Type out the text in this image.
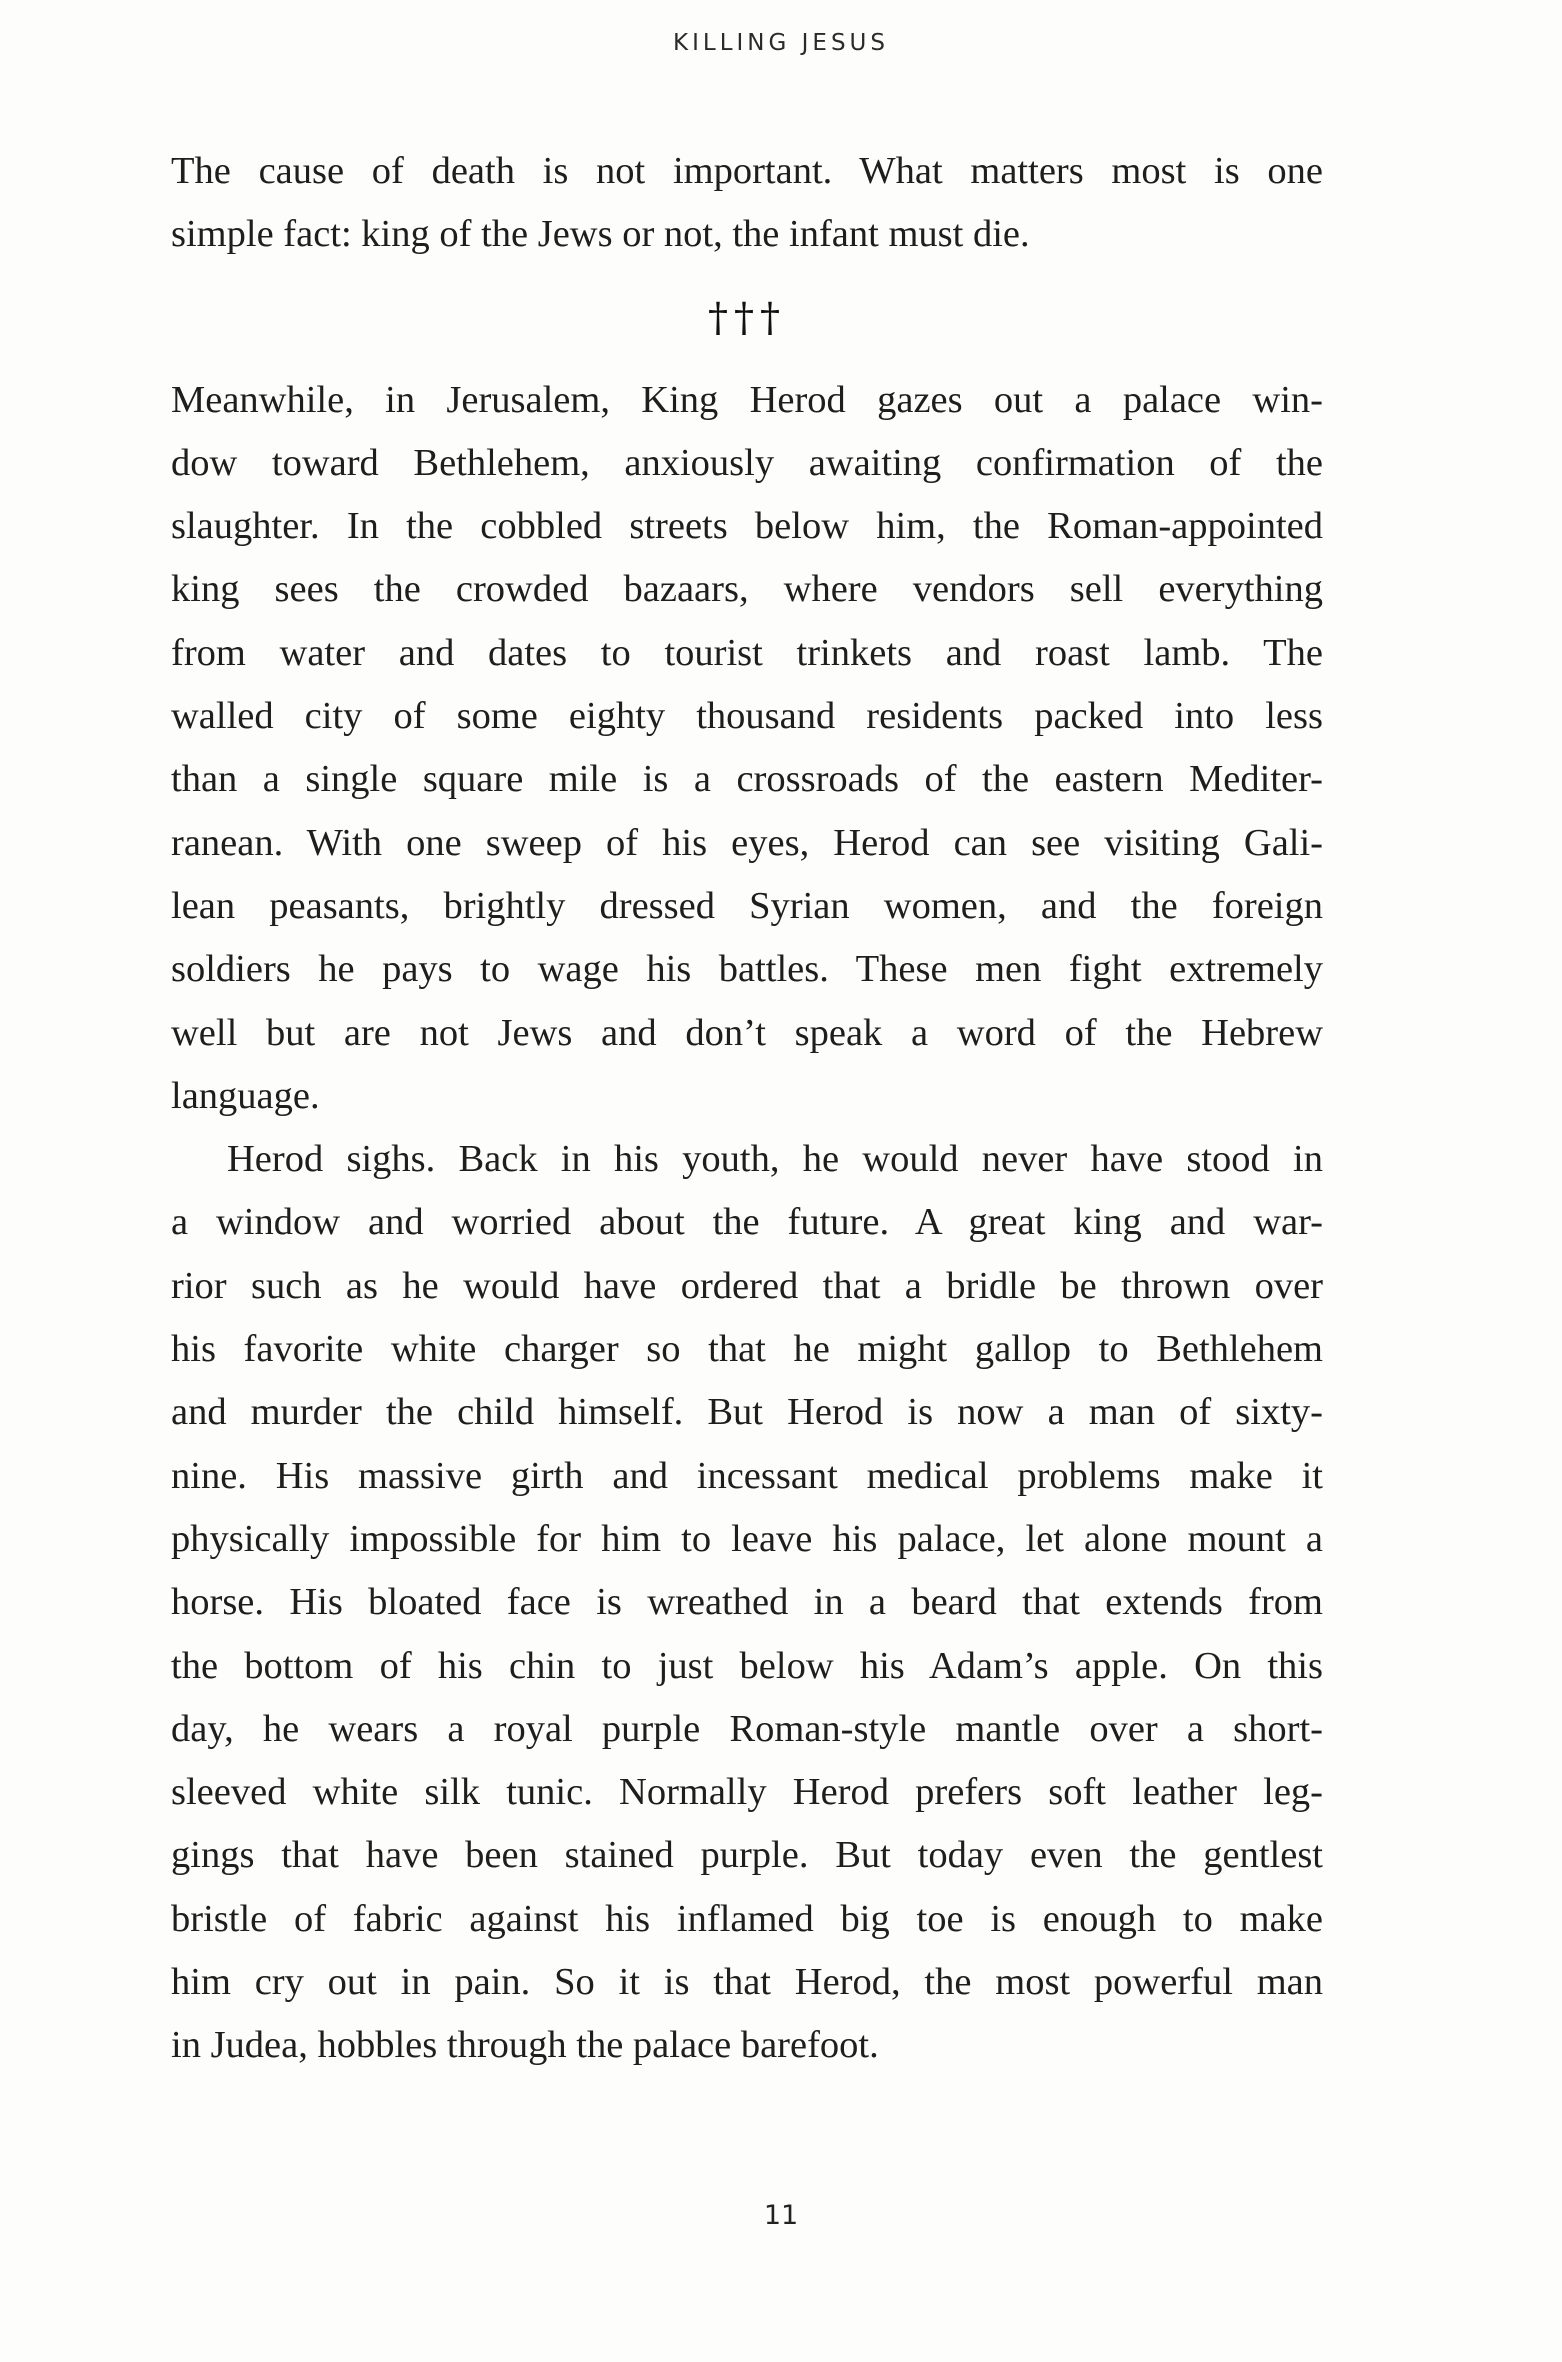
KILLING JESUS
The cause of death is not important. What matters most is one
simple fact: king of the Jews or not, the infant must die.
†††
Meanwhile, in Jerusalem, King Herod gazes out a palace win-
dow toward Bethlehem, anxiously awaiting confirmation of the
slaughter. In the cobbled streets below him, the Roman-appointed
king sees the crowded bazaars, where vendors sell everything
from water and dates to tourist trinkets and roast lamb. The
walled city of some eighty thousand residents packed into less
than a single square mile is a crossroads of the eastern Mediter-
ranean. With one sweep of his eyes, Herod can see visiting Gali-
lean peasants, brightly dressed Syrian women, and the foreign
soldiers he pays to wage his battles. These men fight extremely
well but are not Jews and don’t speak a word of the Hebrew
language.
Herod sighs. Back in his youth, he would never have stood in
a window and worried about the future. A great king and war-
rior such as he would have ordered that a bridle be thrown over
his favorite white charger so that he might gallop to Bethlehem
and murder the child himself. But Herod is now a man of sixty-
nine. His massive girth and incessant medical problems make it
physically impossible for him to leave his palace, let alone mount a
horse. His bloated face is wreathed in a beard that extends from
the bottom of his chin to just below his Adam’s apple. On this
day, he wears a royal purple Roman-style mantle over a short-
sleeved white silk tunic. Normally Herod prefers soft leather leg-
gings that have been stained purple. But today even the gentlest
bristle of fabric against his inflamed big toe is enough to make
him cry out in pain. So it is that Herod, the most powerful man
in Judea, hobbles through the palace barefoot.
11
